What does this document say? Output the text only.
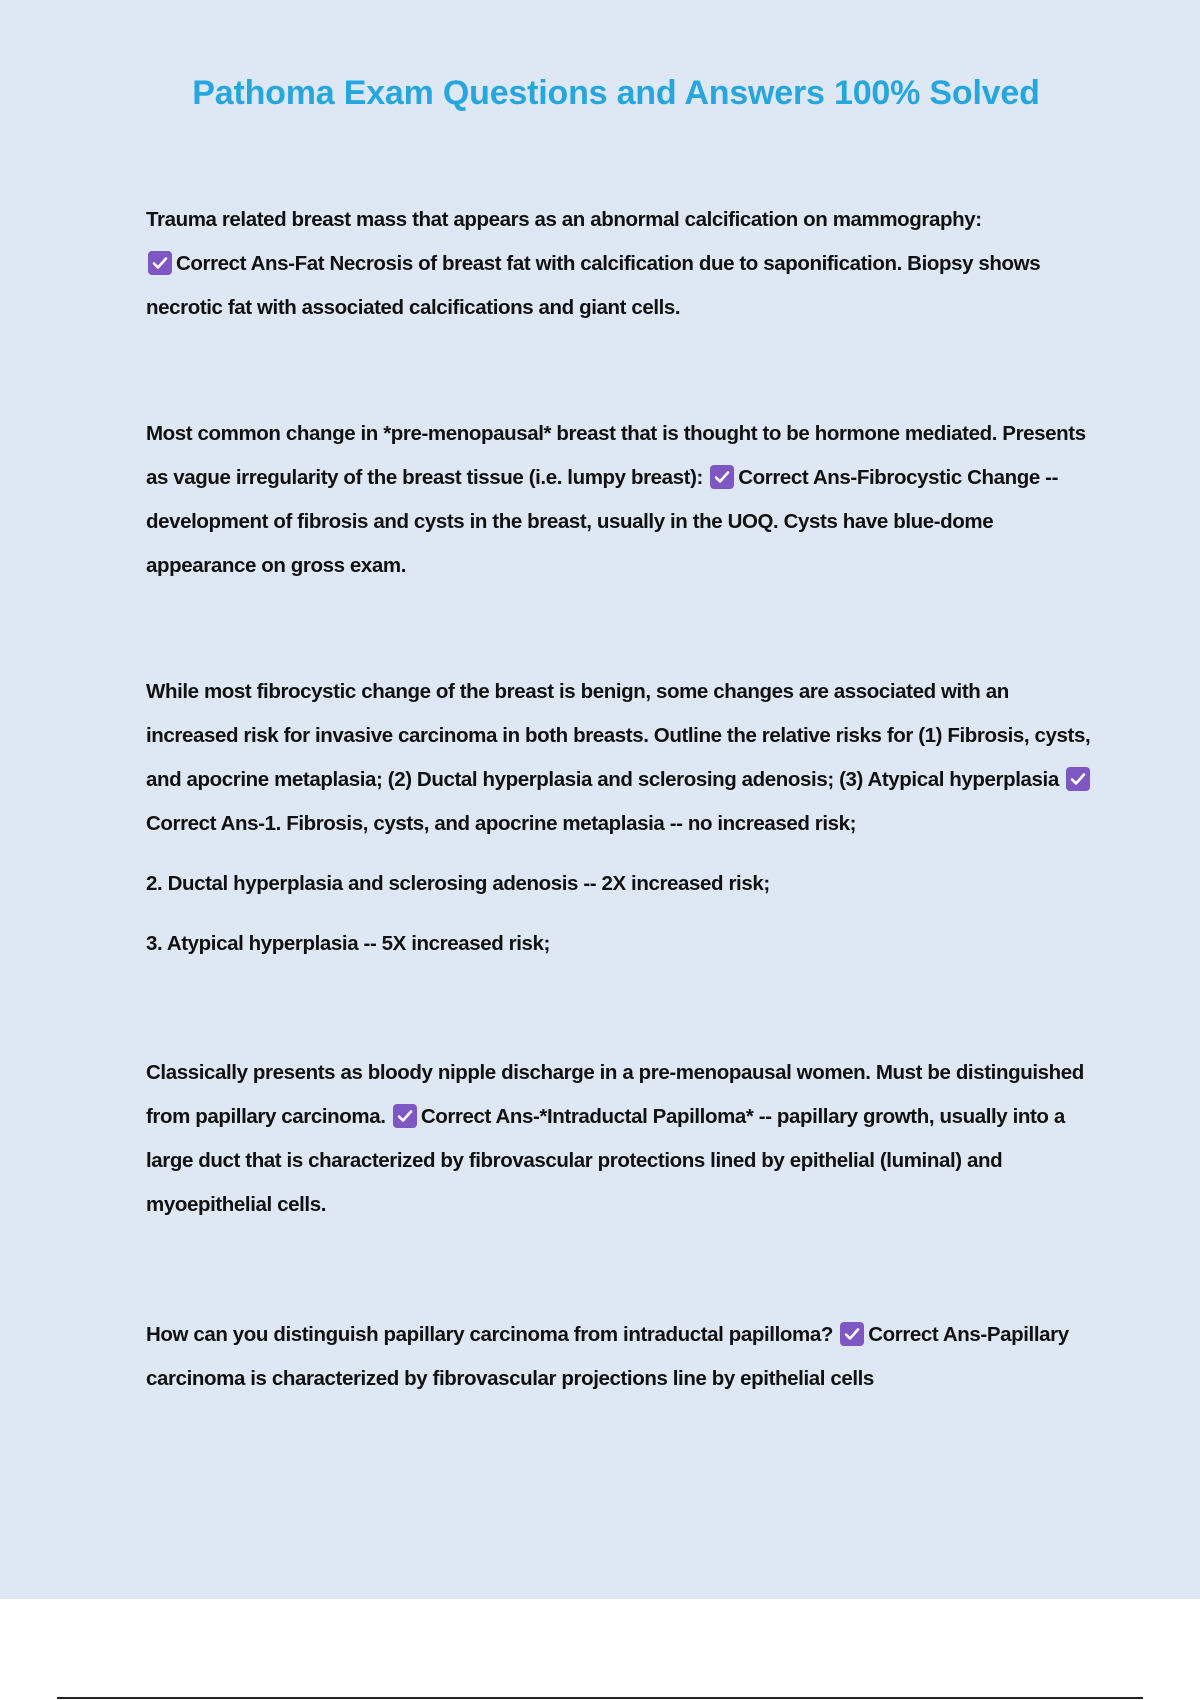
Pathoma Exam Questions and Answers 100% Solved
Trauma related breast mass that appears as an abnormal calcification on mammography:

Correct Ans-Fat Necrosis of breast fat with calcification due to saponification. Biopsy shows necrotic fat with associated calcifications and giant cells.
Most common change in *pre-menopausal* breast that is thought to be hormone mediated. Presents as vague irregularity of the breast tissue (i.e. lumpy breast): Correct Ans-Fibrocystic Change -- development of fibrosis and cysts in the breast, usually in the UOQ. Cysts have blue-dome appearance on gross exam.
While most fibrocystic change of the breast is benign, some changes are associated with an increased risk for invasive carcinoma in both breasts. Outline the relative risks for (1) Fibrosis, cysts, and apocrine metaplasia; (2) Ductal hyperplasia and sclerosing adenosis; (3) Atypical hyperplasia
Correct Ans-1. Fibrosis, cysts, and apocrine metaplasia -- no increased risk;
2. Ductal hyperplasia and sclerosing adenosis -- 2X increased risk;
3. Atypical hyperplasia -- 5X increased risk;
Classically presents as bloody nipple discharge in a pre-menopausal women. Must be distinguished from papillary carcinoma. Correct Ans-*Intraductal Papilloma* -- papillary growth, usually into a large duct that is characterized by fibrovascular protections lined by epithelial (luminal) and myoepithelial cells.
How can you distinguish papillary carcinoma from intraductal papilloma? Correct Ans-Papillary carcinoma is characterized by fibrovascular projections line by epithelial cells
